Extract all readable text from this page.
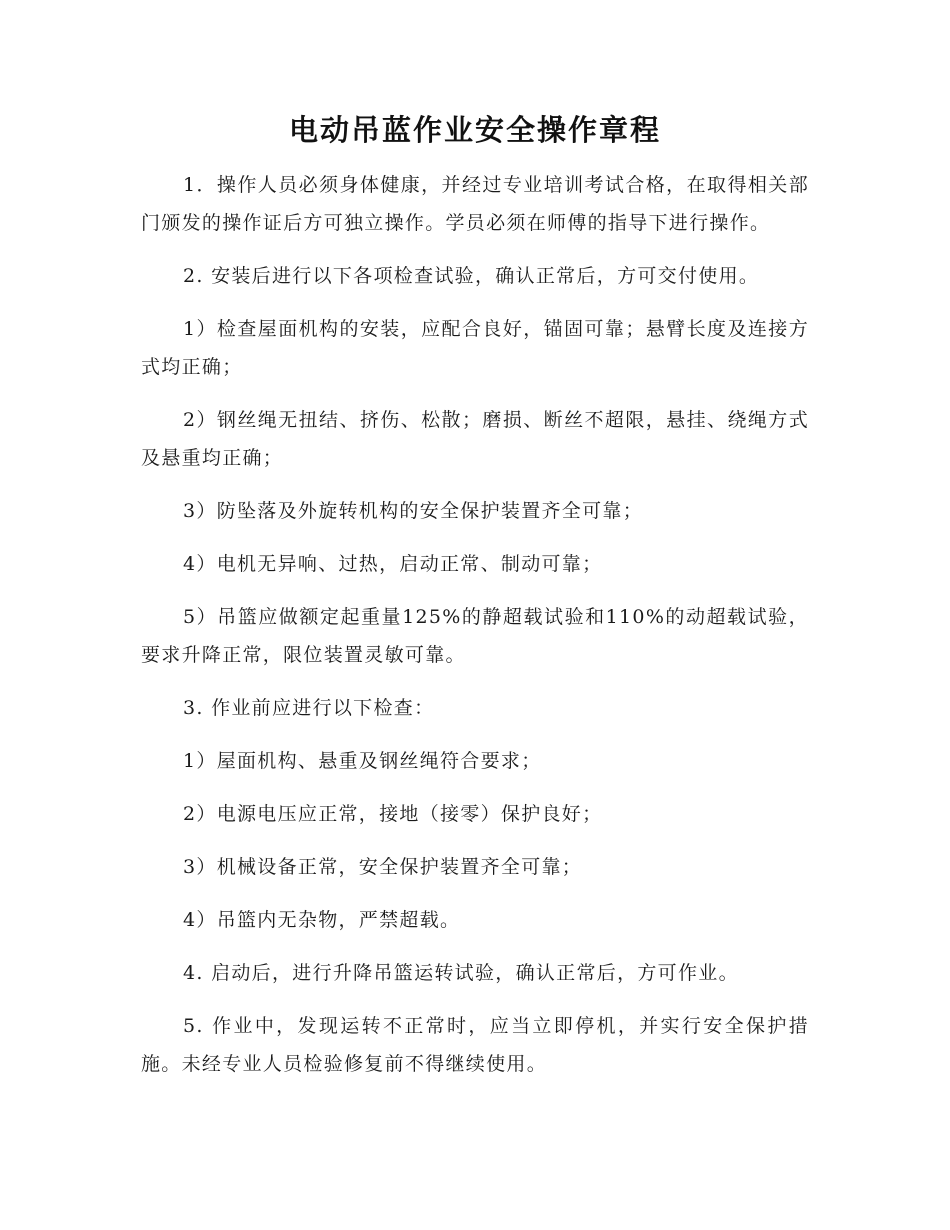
电动吊蓝作业安全操作章程

1．操作人员必须身体健康，并经过专业培训考试合格，在取得相关部门颁发的操作证后方可独立操作。学员必须在师傅的指导下进行操作。

2. 安装后进行以下各项检查试验，确认正常后，方可交付使用。

1）检查屋面机构的安装，应配合良好，锚固可靠；悬臂长度及连接方式均正确；

2）钢丝绳无扭结、挤伤、松散；磨损、断丝不超限，悬挂、绕绳方式及悬重均正确；

3）防坠落及外旋转机构的安全保护装置齐全可靠；

4）电机无异响、过热，启动正常、制动可靠；

5）吊篮应做额定起重量125%的静超载试验和110%的动超载试验，要求升降正常，限位装置灵敏可靠。

3. 作业前应进行以下检查：

1）屋面机构、悬重及钢丝绳符合要求；

2）电源电压应正常，接地（接零）保护良好；

3）机械设备正常，安全保护装置齐全可靠；

4）吊篮内无杂物，严禁超载。

4. 启动后，进行升降吊篮运转试验，确认正常后，方可作业。

5. 作业中，发现运转不正常时，应当立即停机，并实行安全保护措施。未经专业人员检验修复前不得继续使用。
